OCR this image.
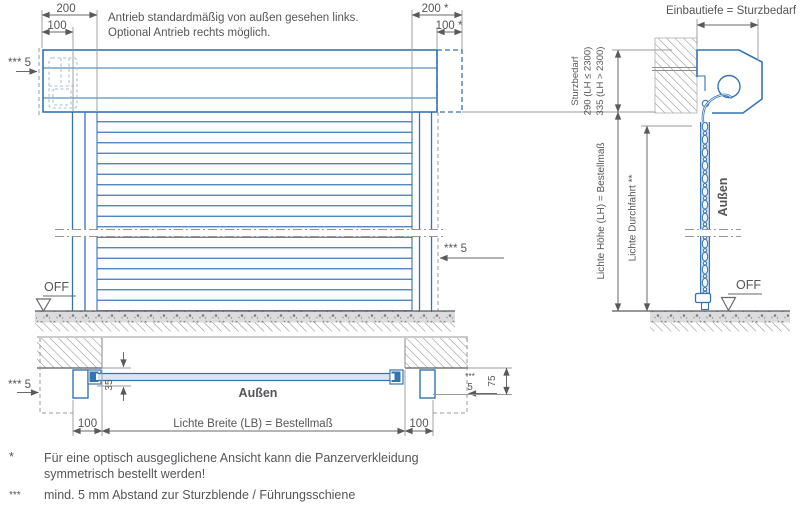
200
100
200 *
100 *
Antrieb standardmäßig von außen gesehen links.
Optional Antrieb rechts möglich.
*** 5
*** 5
OFF
Einbautiefe = Sturzbedarf
Sturzbedarf 290 (LH ≤ 2300) 335 (LH > 2300)
Lichte Höhe (LH) = Bestellmaß Lichte Durchfahrt **	Außen
OFF
*** 5	35
100	Lichte Breite (LB) = Bestellmaß	100
***
5
75
Außen
* Für eine optisch ausgeglichene Ansicht kann die Panzerverkleidung
symmetrisch bestellt werden!
*** mind. 5 mm Abstand zur Sturzblende / Führungsschiene
